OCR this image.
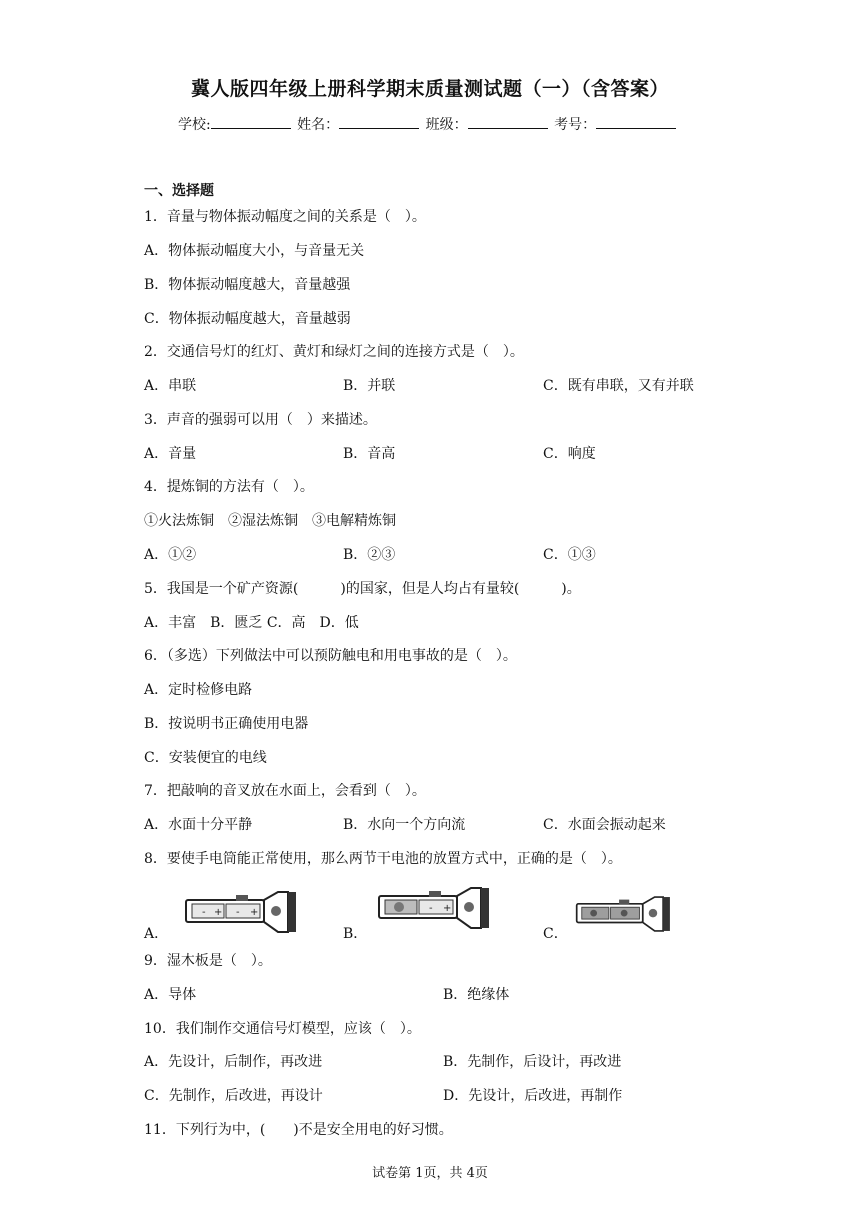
冀人版四年级上册科学期末质量测试题（一）（含答案）
学校:	姓名：	班级：	考号：
一、选择题
1．音量与物体振动幅度之间的关系是（　）。
A．物体振动幅度大小，与音量无关
B．物体振动幅度越大，音量越强
C．物体振动幅度越大，音量越弱
2．交通信号灯的红灯、黄灯和绿灯之间的连接方式是（　）。
A．串联	B．并联	C．既有串联，又有并联
3．声音的强弱可以用（　）来描述。
A．音量	B．音高	C．响度
4．提炼铜的方法有（　）。
①火法炼铜　②湿法炼铜　③电解精炼铜
A．①②	B．②③	C．①③
5．我国是一个矿产资源(　　　)的国家，但是人均占有量较(　　　)。
A．丰富　B．匮乏 C．高　D．低
6．（多选）下列做法中可以预防触电和用电事故的是（　）。
A．定时检修电路
B．按说明书正确使用电器
C．安装便宜的电线
7．把敲响的音叉放在水面上，会看到（　）。
A．水面十分平静	B．水向一个方向流	C．水面会振动起来
8．要使手电筒能正常使用，那么两节干电池的放置方式中，正确的是（　）。
A．	B．	C．
- + - +	- +
9．湿木板是（　）。
A．导体	B．绝缘体
10．我们制作交通信号灯模型，应该（　）。
A．先设计，后制作，再改进	B．先制作，后设计，再改进
C．先制作，后改进，再设计	D．先设计，后改进，再制作
11．下列行为中，(　　)不是安全用电的好习惯。
试卷第 1页，共 4页
